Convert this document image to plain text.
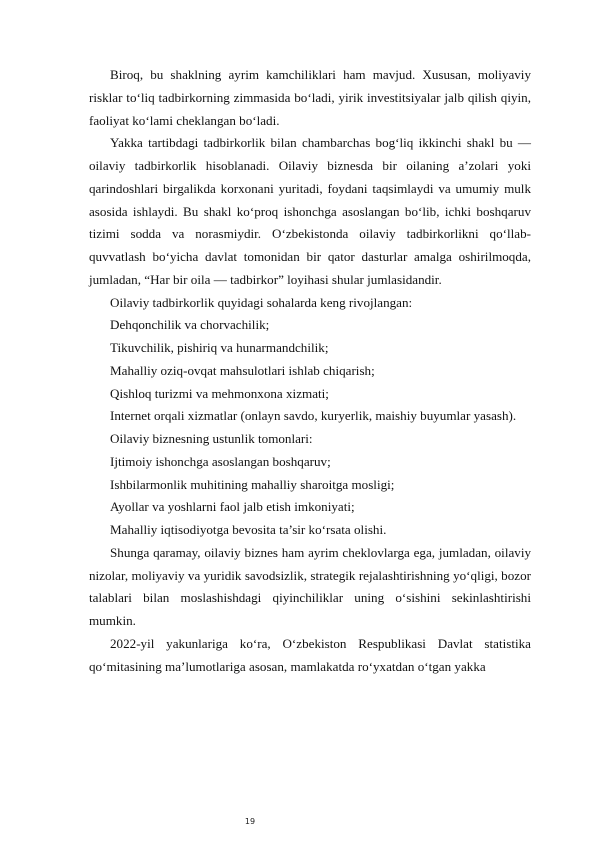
Biroq, bu shaklning ayrim kamchiliklari ham mavjud. Xususan, moliyaviy risklar to‘liq tadbirkorning zimmasida bo‘ladi, yirik investitsiyalar jalb qilish qiyin, faoliyat ko‘lami cheklangan bo‘ladi.

Yakka tartibdagi tadbirkorlik bilan chambarchas bog‘liq ikkinchi shakl bu — oilaviy tadbirkorlik hisoblanadi. Oilaviy biznesda bir oilaning a’zolari yoki qarindoshlari birgalikda korxonani yuritadi, foydani taqsimlaydi va umumiy mulk asosida ishlaydi. Bu shakl ko‘proq ishonchga asoslangan bo‘lib, ichki boshqaruv tizimi sodda va norasmiydir. O‘zbekistonda oilaviy tadbirkorlikni qo‘llab-quvvatlash bo‘yicha davlat tomonidan bir qator dasturlar amalga oshirilmoqda, jumladan, “Har bir oila — tadbirkor” loyihasi shular jumlasidandir.

Oilaviy tadbirkorlik quyidagi sohalarda keng rivojlangan:

Dehqonchilik va chorvachilik;

Tikuvchilik, pishiriq va hunarmandchilik;

Mahalliy oziq-ovqat mahsulotlari ishlab chiqarish;

Qishloq turizmi va mehmonxona xizmati;

Internet orqali xizmatlar (onlayn savdo, kuryerlik, maishiy buyumlar yasash).

Oilaviy biznesning ustunlik tomonlari:

Ijtimoiy ishonchga asoslangan boshqaruv;

Ishbilarmonlik muhitining mahalliy sharoitga mosligi;

Ayollar va yoshlarni faol jalb etish imkoniyati;

Mahalliy iqtisodiyotga bevosita ta’sir ko‘rsata olishi.

Shunga qaramay, oilaviy biznes ham ayrim cheklovlarga ega, jumladan, oilaviy nizolar, moliyaviy va yuridik savodsizlik, strategik rejalashtirishning yo‘qligi, bozor talablari bilan moslashishdagi qiyinchiliklar uning o‘sishini sekinlashtirishi mumkin.

2022-yil yakunlariga ko‘ra, O‘zbekiston Respublikasi Davlat statistika qo‘mitasining ma’lumotlariga asosan, mamlakatda ro‘yxatdan o‘tgan yakka

19
